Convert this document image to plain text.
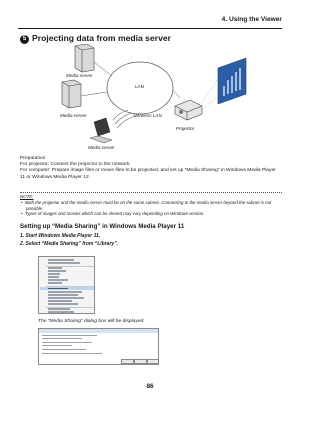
4. Using the Viewer
5 Projecting data from media server
Media server
Media server
Media server
LAN
Wireless LAN
Projector
Preparation
For projector: Connect the projector to the network.
For computer: Prepare image files or movie files to be projected, and set up “Media Sharing” in Windows Media Player 11 or Windows Media Player 12.
NOTE:
•  Both the projector and the media server must be on the same subnet. Connecting to the media server beyond the subnet is not possible.
•  Types of images and movies which can be shared may vary depending on Windows version.
Setting up “Media Sharing” in Windows Media Player 11
1. Start Windows Media Player 11.
2. Select “Media Sharing” from “Library”.
The “Media Sharing” dialog box will be displayed.
86
